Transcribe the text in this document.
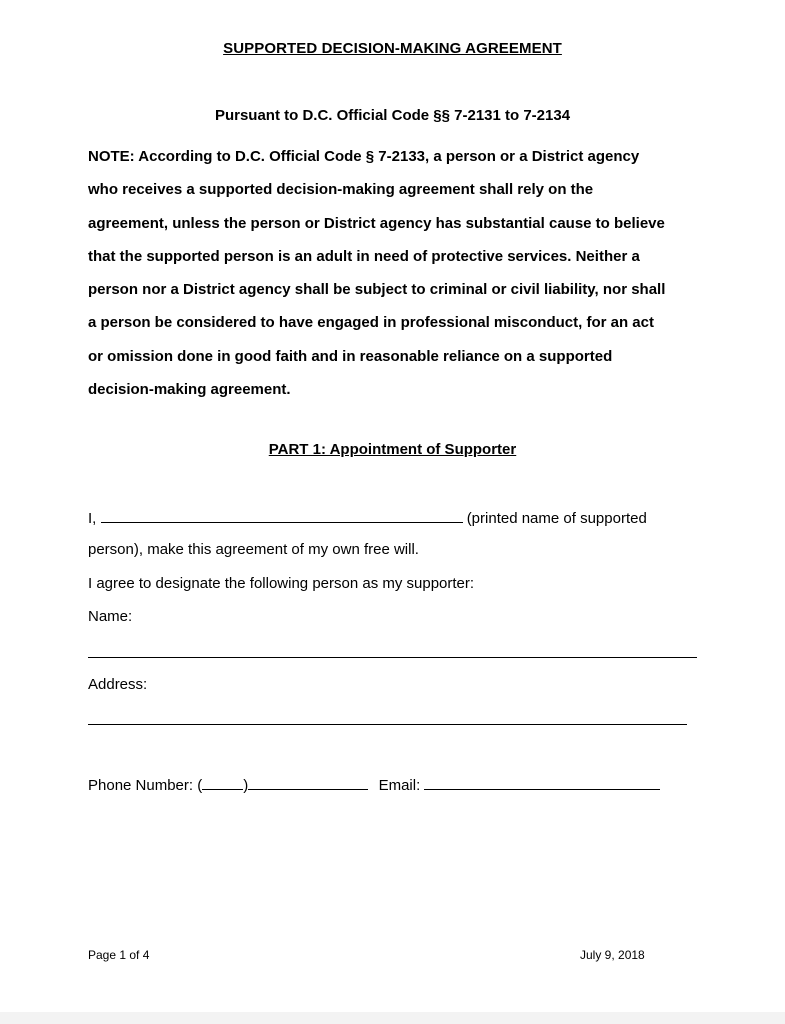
SUPPORTED DECISION-MAKING AGREEMENT
Pursuant to D.C. Official Code §§ 7-2131 to 7-2134
NOTE: According to D.C. Official Code § 7-2133, a person or a District agency
who receives a supported decision-making agreement shall rely on the
agreement, unless the person or District agency has substantial cause to believe
that the supported person is an adult in need of protective services. Neither a
person nor a District agency shall be subject to criminal or civil liability, nor shall
a person be considered to have engaged in professional misconduct, for an act
or omission done in good faith and in reasonable reliance on a supported
decision-making agreement.
PART 1: Appointment of Supporter
I,	(printed name of supported
person), make this agreement of my own free will.
I agree to designate the following person as my supporter:
Name:
Address:
Phone Number: (	)	Email:
Page 1 of 4	July 9, 2018
